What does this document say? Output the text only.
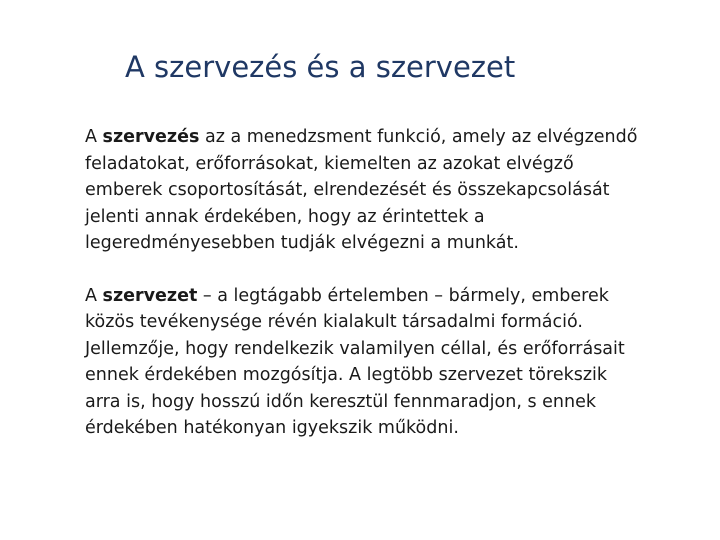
A szervezés és a szervezet

A szervezés az a menedzsment funkció, amely az elvégzendő
feladatokat, erőforrásokat, kiemelten az azokat elvégző
emberek csoportosítását, elrendezését és összekapcsolását
jelenti annak érdekében, hogy az érintettek a
legeredményesebben tudják elvégezni a munkát.

A szervezet – a legtágabb értelemben – bármely, emberek
közös tevékenysége révén kialakult társadalmi formáció.
Jellemzője, hogy rendelkezik valamilyen céllal, és erőforrásait
ennek érdekében mozgósítja. A legtöbb szervezet törekszik
arra is, hogy hosszú időn keresztül fennmaradjon, s ennek
érdekében hatékonyan igyekszik működni.
